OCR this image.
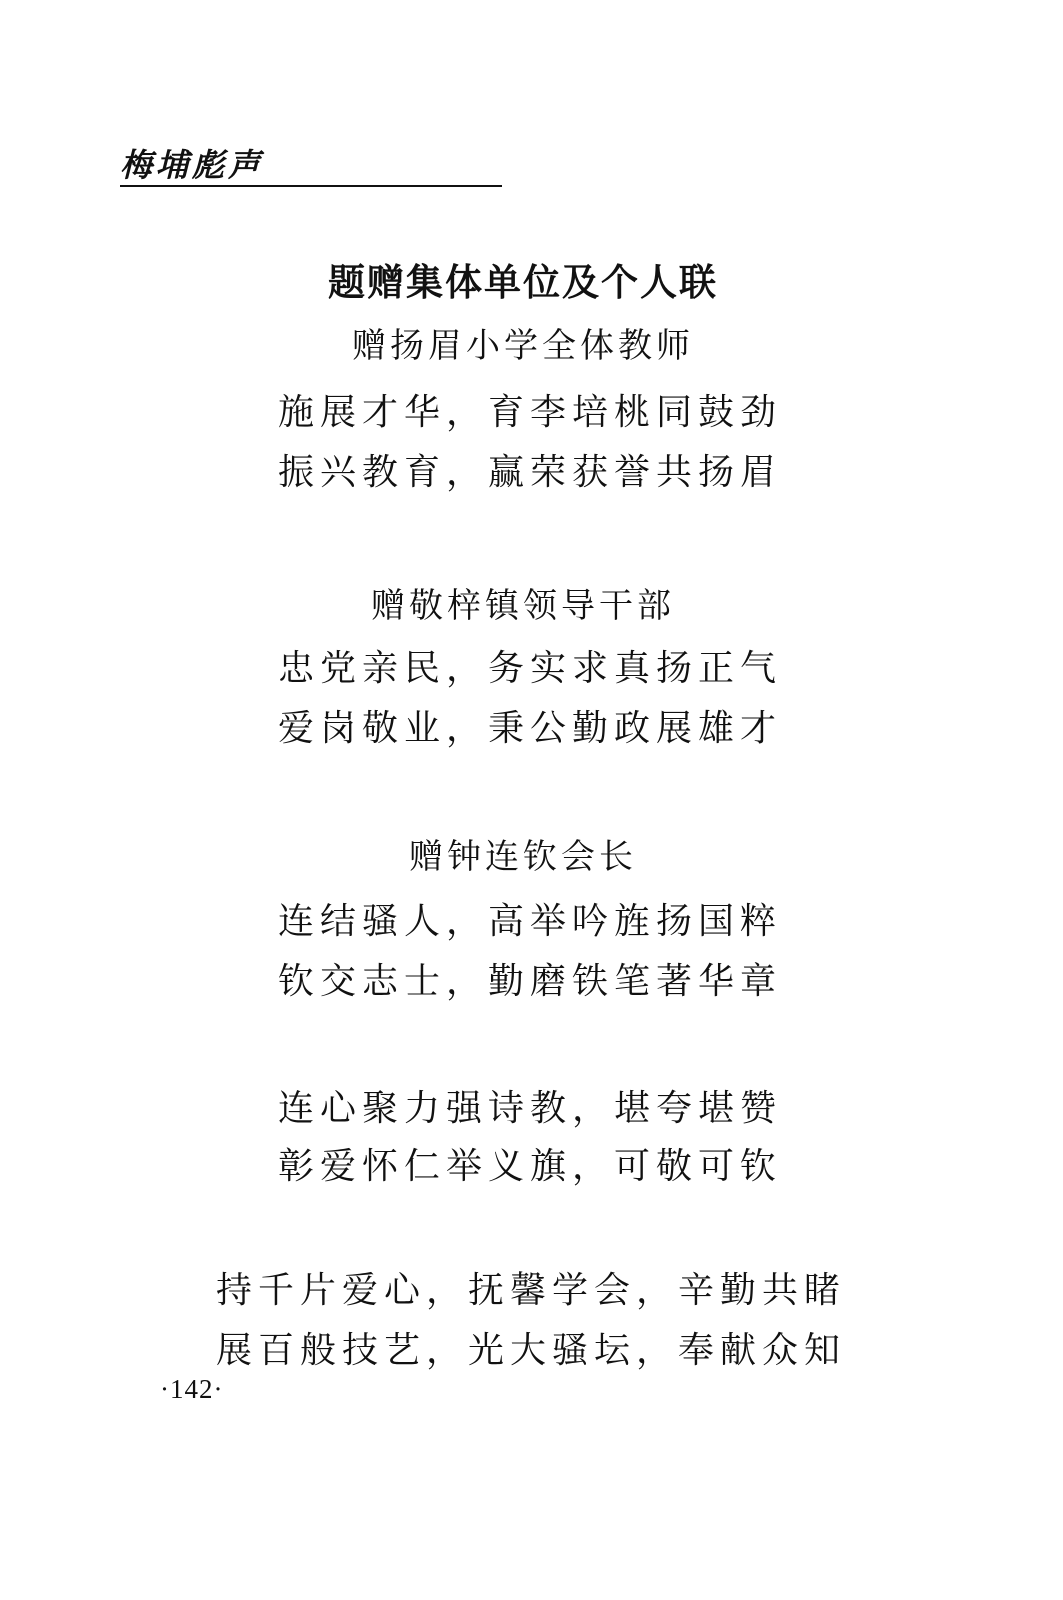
梅埔彪声
题赠集体单位及个人联
赠扬眉小学全体教师
施展才华，育李培桃同鼓劲
振兴教育，赢荣获誉共扬眉
赠敬梓镇领导干部
忠党亲民，务实求真扬正气
爱岗敬业，秉公勤政展雄才
赠钟连钦会长
连结骚人，高举吟旌扬国粹
钦交志士，勤磨铁笔著华章
连心聚力强诗教，堪夸堪赞
彰爱怀仁举义旗，可敬可钦
持千片爱心，抚馨学会，辛勤共睹
展百般技艺，光大骚坛，奉献众知
·142·
